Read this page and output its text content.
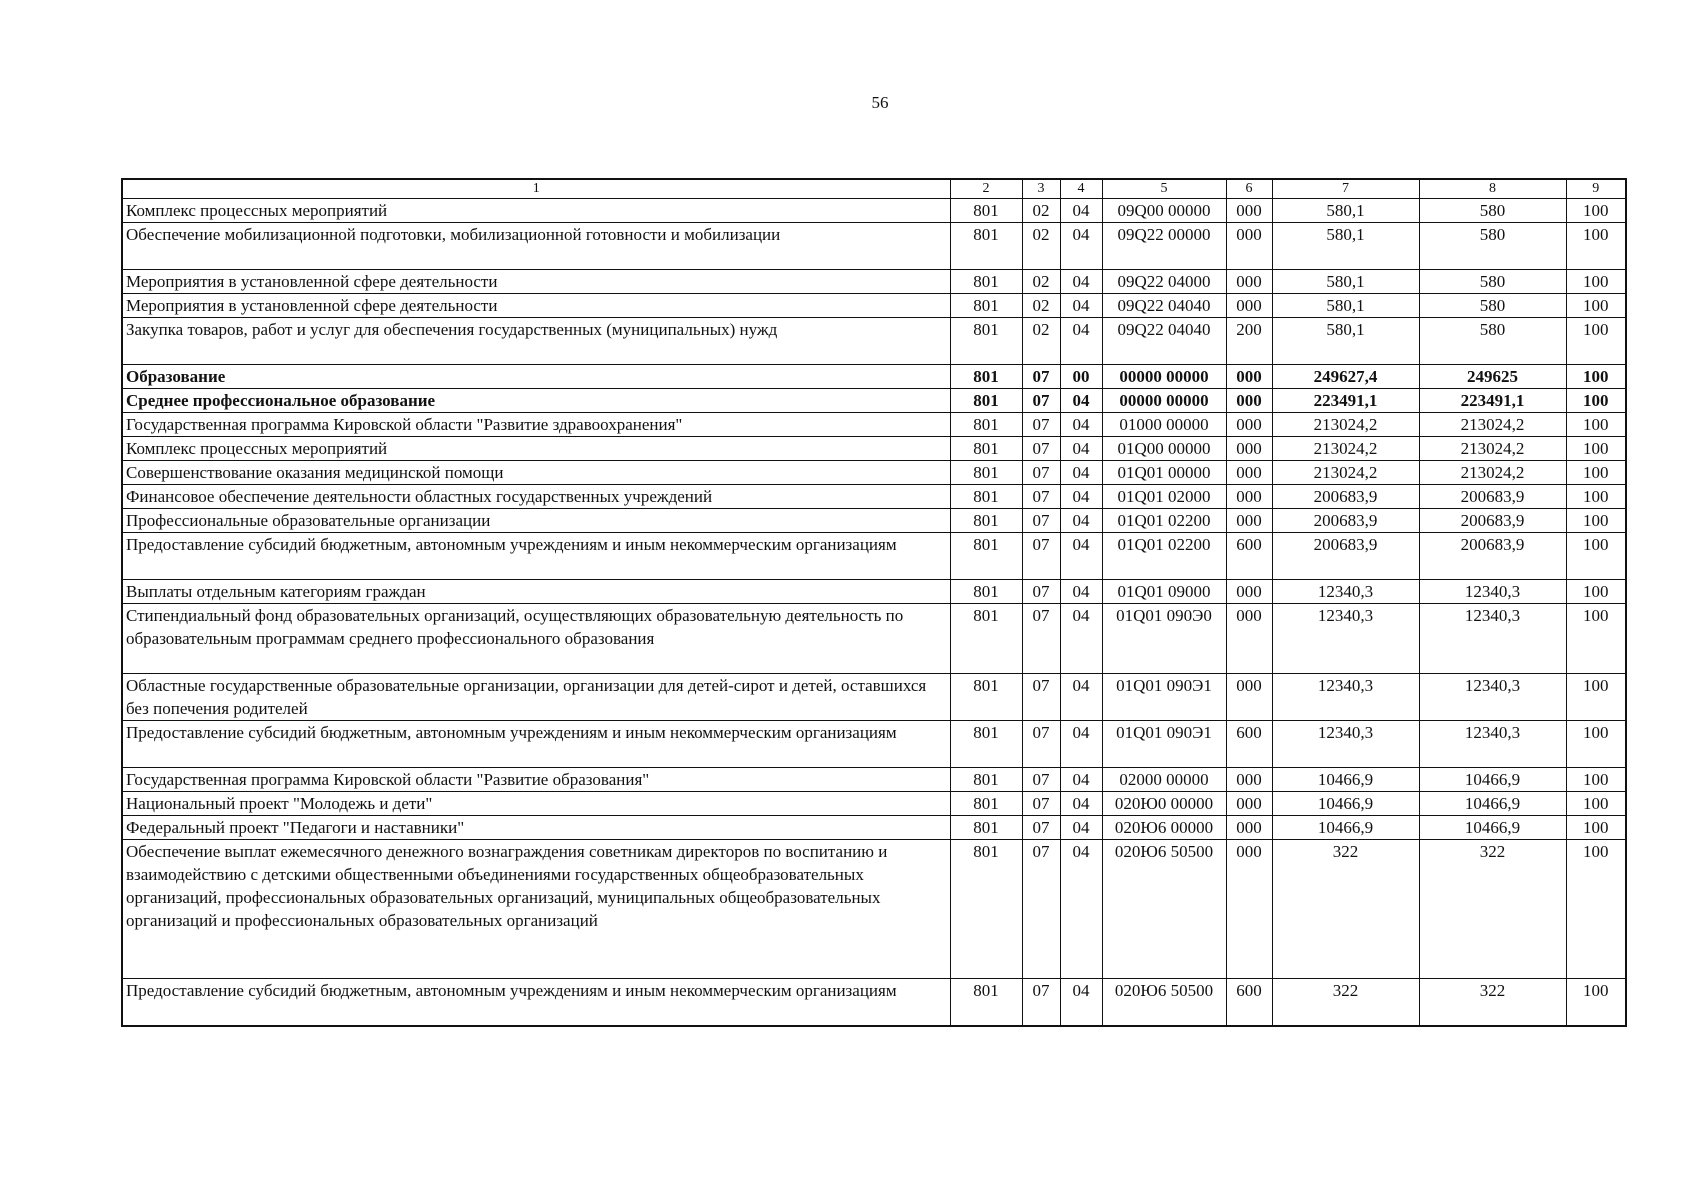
56
1	2	3	4	5	6	7	8	9
Комплекс процессных мероприятий	801	02	04	09Q00 00000	000	580,1	580	100
Обеспечение мобилизационной подготовки, мобилизационной готовности и мобилизации	801	02	04	09Q22 00000	000	580,1	580	100
Мероприятия в установленной сфере деятельности	801	02	04	09Q22 04000	000	580,1	580	100
Мероприятия в установленной сфере деятельности	801	02	04	09Q22 04040	000	580,1	580	100
Закупка товаров, работ и услуг для обеспечения государственных (муниципальных) нужд	801	02	04	09Q22 04040	200	580,1	580	100
Образование	801	07	00	00000 00000	000	249627,4	249625	100
Среднее профессиональное образование	801	07	04	00000 00000	000	223491,1	223491,1	100
Государственная программа Кировской области "Развитие здравоохранения"	801	07	04	01000 00000	000	213024,2	213024,2	100
Комплекс процессных мероприятий	801	07	04	01Q00 00000	000	213024,2	213024,2	100
Совершенствование оказания медицинской помощи	801	07	04	01Q01 00000	000	213024,2	213024,2	100
Финансовое обеспечение деятельности областных государственных учреждений	801	07	04	01Q01 02000	000	200683,9	200683,9	100
Профессиональные образовательные организации	801	07	04	01Q01 02200	000	200683,9	200683,9	100
Предоставление субсидий бюджетным, автономным учреждениям и иным некоммерческим организациям	801	07	04	01Q01 02200	600	200683,9	200683,9	100
Выплаты отдельным категориям граждан	801	07	04	01Q01 09000	000	12340,3	12340,3	100
Стипендиальный фонд образовательных организаций, осуществляющих образовательную деятельность по образовательным программам среднего профессионального образования	801	07	04	01Q01 090Э0	000	12340,3	12340,3	100
Областные государственные образовательные организации, организации для детей-сирот и детей, оставшихся без попечения родителей	801	07	04	01Q01 090Э1	000	12340,3	12340,3	100
Предоставление субсидий бюджетным, автономным учреждениям и иным некоммерческим организациям	801	07	04	01Q01 090Э1	600	12340,3	12340,3	100
Государственная программа Кировской области "Развитие образования"	801	07	04	02000 00000	000	10466,9	10466,9	100
Национальный проект "Молодежь и дети"	801	07	04	020Ю0 00000	000	10466,9	10466,9	100
Федеральный проект "Педагоги и наставники"	801	07	04	020Ю6 00000	000	10466,9	10466,9	100
Обеспечение выплат ежемесячного денежного вознаграждения советникам директоров по воспитанию и взаимодействию с детскими общественными объединениями государственных общеобразовательных организаций, профессиональных образовательных организаций, муниципальных общеобразовательных организаций и профессиональных образовательных организаций	801	07	04	020Ю6 50500	000	322	322	100
Предоставление субсидий бюджетным, автономным учреждениям и иным некоммерческим организациям	801	07	04	020Ю6 50500	600	322	322	100
